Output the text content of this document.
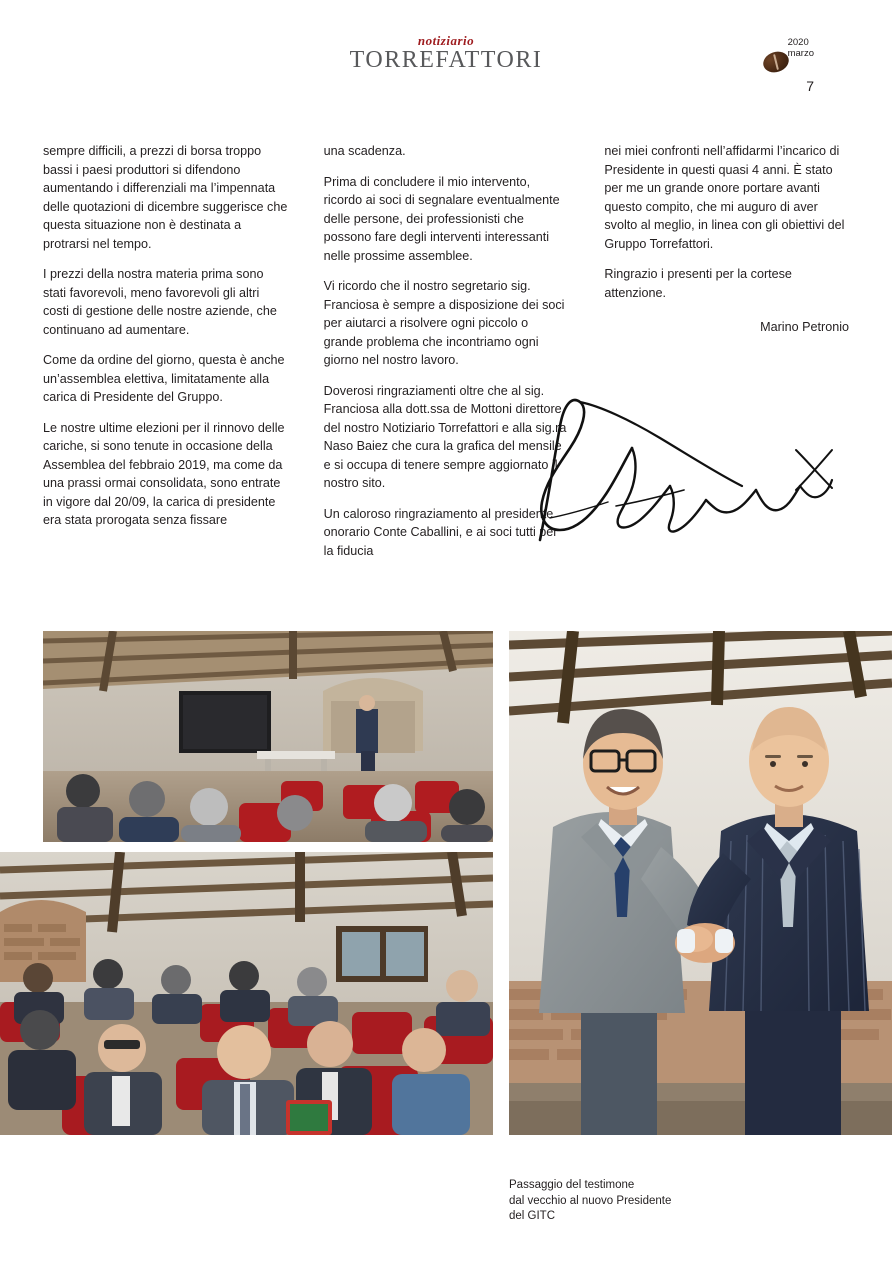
notiziario
TORREFATTORI
2020
marzo
7

sempre difficili, a prezzi di borsa troppo bassi i paesi produttori si difendono aumentando i differenziali ma l’impennata delle quotazioni di dicembre suggerisce che questa situazione non è destinata a protrarsi nel tempo.

I prezzi della nostra materia prima sono stati favorevoli, meno favorevoli gli altri costi di gestione delle nostre aziende, che continuano ad aumentare.

Come da ordine del giorno, questa è anche un’assemblea elettiva, limitatamente alla carica di Presidente del Gruppo.

Le nostre ultime elezioni per il rinnovo delle cariche, si sono tenute in occasione della Assemblea del febbraio 2019, ma come da una prassi ormai consolidata, sono entrate in vigore dal 20/09, la carica di presidente era stata prorogata senza fissare

una scadenza.

Prima di concludere il mio intervento, ricordo ai soci di segnalare eventualmente delle persone, dei professionisti che possono fare degli interventi interessanti nelle prossime assemblee.

Vi ricordo che il nostro segretario sig. Franciosa è sempre a disposizione dei soci per aiutarci a risolvere ogni piccolo o grande problema che incontriamo ogni giorno nel nostro lavoro.

Doverosi ringraziamenti oltre che al sig. Franciosa alla dott.ssa de Mottoni direttore del nostro Notiziario Torrefattori e alla sig.ra Naso Baiez che cura la grafica del mensile e si occupa di tenere sempre aggiornato il nostro sito.

Un caloroso ringraziamento al presidente onorario Conte Caballini, e ai soci tutti per la fiducia

nei miei confronti nell’affidarmi l’incarico di Presidente in questi quasi 4 anni. È stato per me un grande onore portare avanti questo compito, che mi auguro di aver svolto al meglio, in linea con gli obiettivi del Gruppo Torrefattori.

Ringrazio i presenti per la cortese attenzione.

Marino Petronio
Passaggio del testimone
dal vecchio al nuovo Presidente
del GITC
